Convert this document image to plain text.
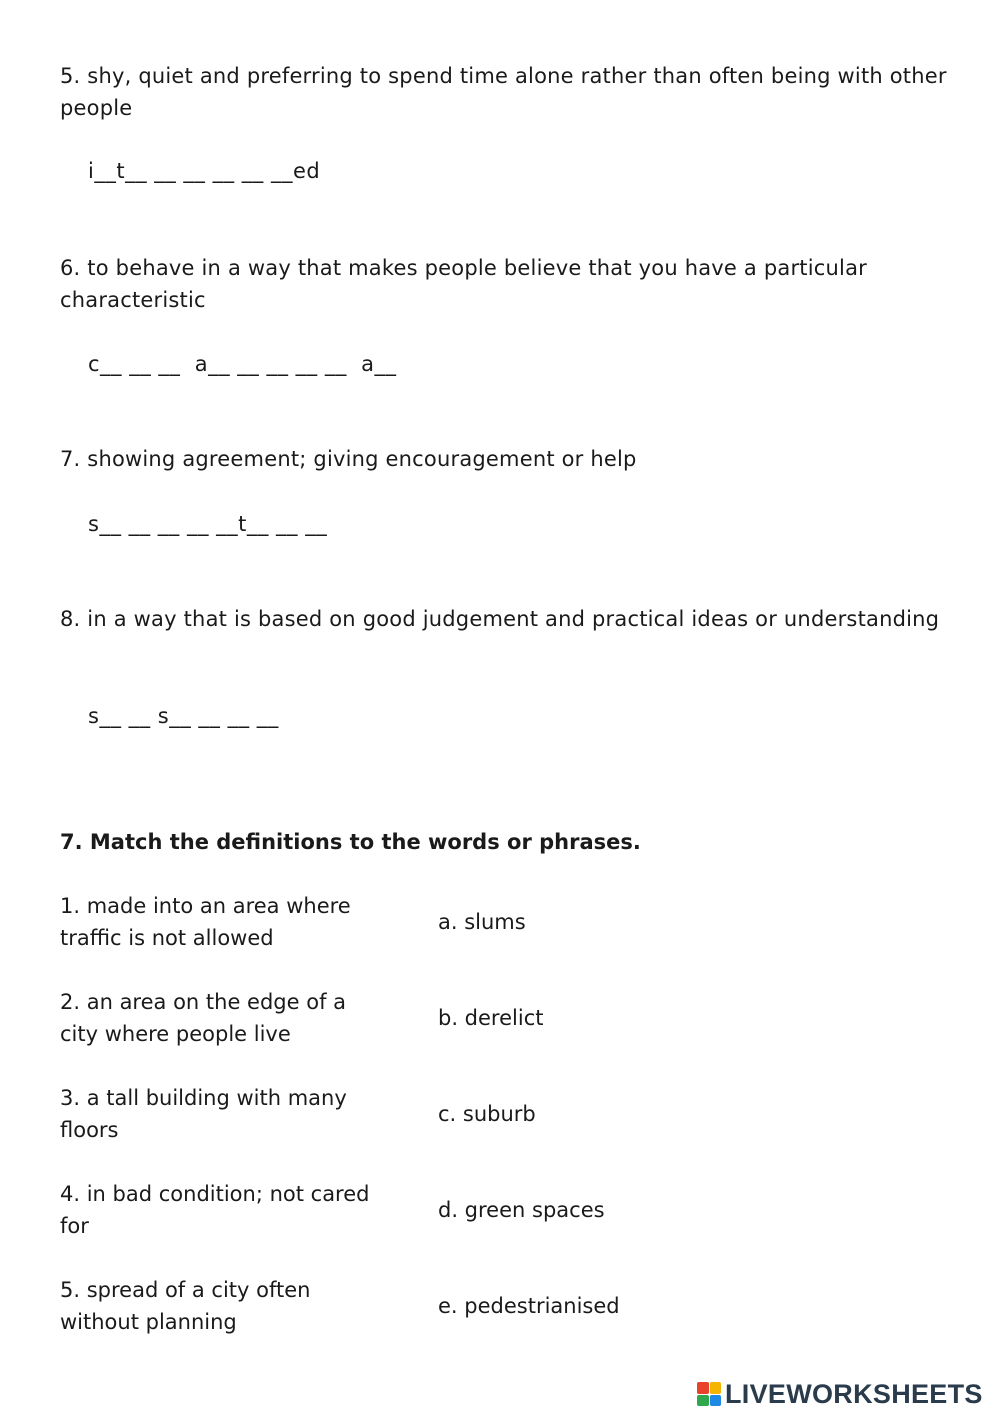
5. shy, quiet and preferring to spend time alone rather than often being with other people
i__t__ __ __ __ __ __ed
6. to behave in a way that makes people believe that you have a particular characteristic
c__ __ __  a__ __ __ __ __  a__
7. showing agreement; giving encouragement or help
s__ __ __ __ __t__ __ __
8. in a way that is based on good judgement and practical ideas or understanding
s__ __ s__ __ __ __
7. Match the definitions to the words or phrases.
1. made into an area where traffic is not allowed
a. slums
2. an area on the edge of a city where people live
b. derelict
3. a tall building with many floors
c. suburb
4. in bad condition; not cared for
d. green spaces
5. spread of a city often without planning
e. pedestrianised
LIVEWORKSHEETS
